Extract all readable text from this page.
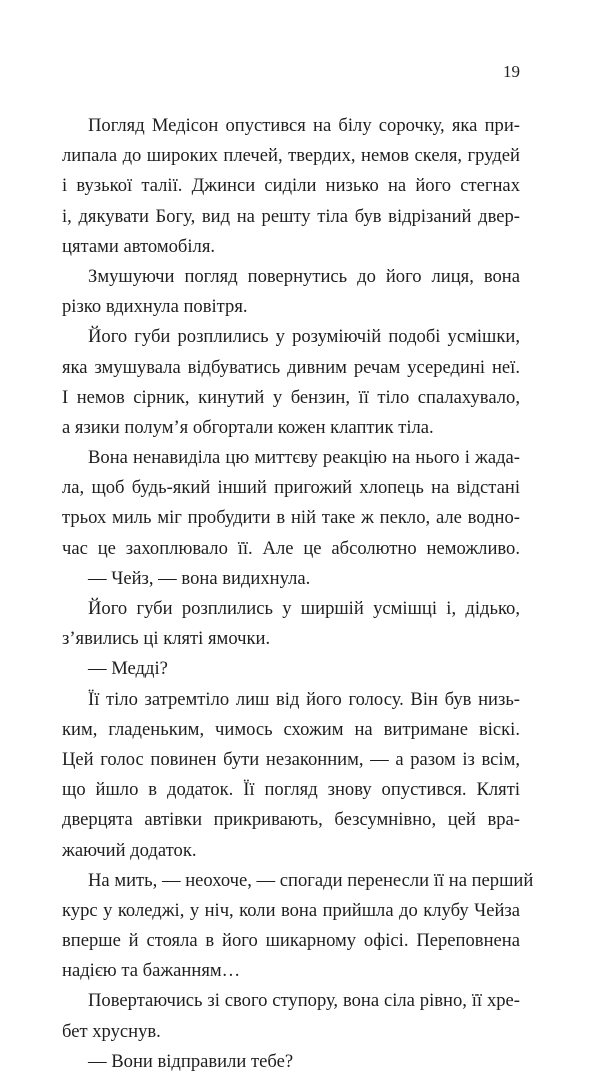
19

Погляд Медісон опустився на білу сорочку, яка при-
липала до широких плечей, твердих, немов скеля, грудей
і вузької талії. Джинси сиділи низько на його стегнах
і, дякувати Богу, вид на решту тіла був відрізаний двер-
цятами автомобіля.
Змушуючи погляд повернутись до його лиця, вона
різко вдихнула повітря.
Його губи розплились у розуміючій подобі усмішки,
яка змушувала відбуватись дивним речам усередині неї.
І немов сірник, кинутий у бензин, її тіло спалахувало,
а язики полум’я обгортали кожен клаптик тіла.
Вона ненавиділа цю миттєву реакцію на нього і жада-
ла, щоб будь-який інший пригожий хлопець на відстані
трьох миль міг пробудити в ній таке ж пекло, але водно-
час це захоплювало її. Але це абсолютно неможливо.
— Чейз, — вона видихнула.
Його губи розплились у ширшій усмішці і, дідько,
з’явились ці кляті ямочки.
— Медді?
Її тіло затремтіло лиш від його голосу. Він був низь-
ким, гладеньким, чимось схожим на витримане віскі.
Цей голос повинен бути незаконним, — а разом із всім,
що йшло в додаток. Її погляд знову опустився. Кляті
дверцята автівки прикривають, безсумнівно, цей вра-
жаючий додаток.
На мить, — неохоче, — спогади перенесли її на перший
курс у коледжі, у ніч, коли вона прийшла до клубу Чейза
вперше й стояла в його шикарному офісі. Переповнена
надією та бажанням…
Повертаючись зі свого ступору, вона сіла рівно, її хре-
бет хруснув.
— Вони відправили тебе?
